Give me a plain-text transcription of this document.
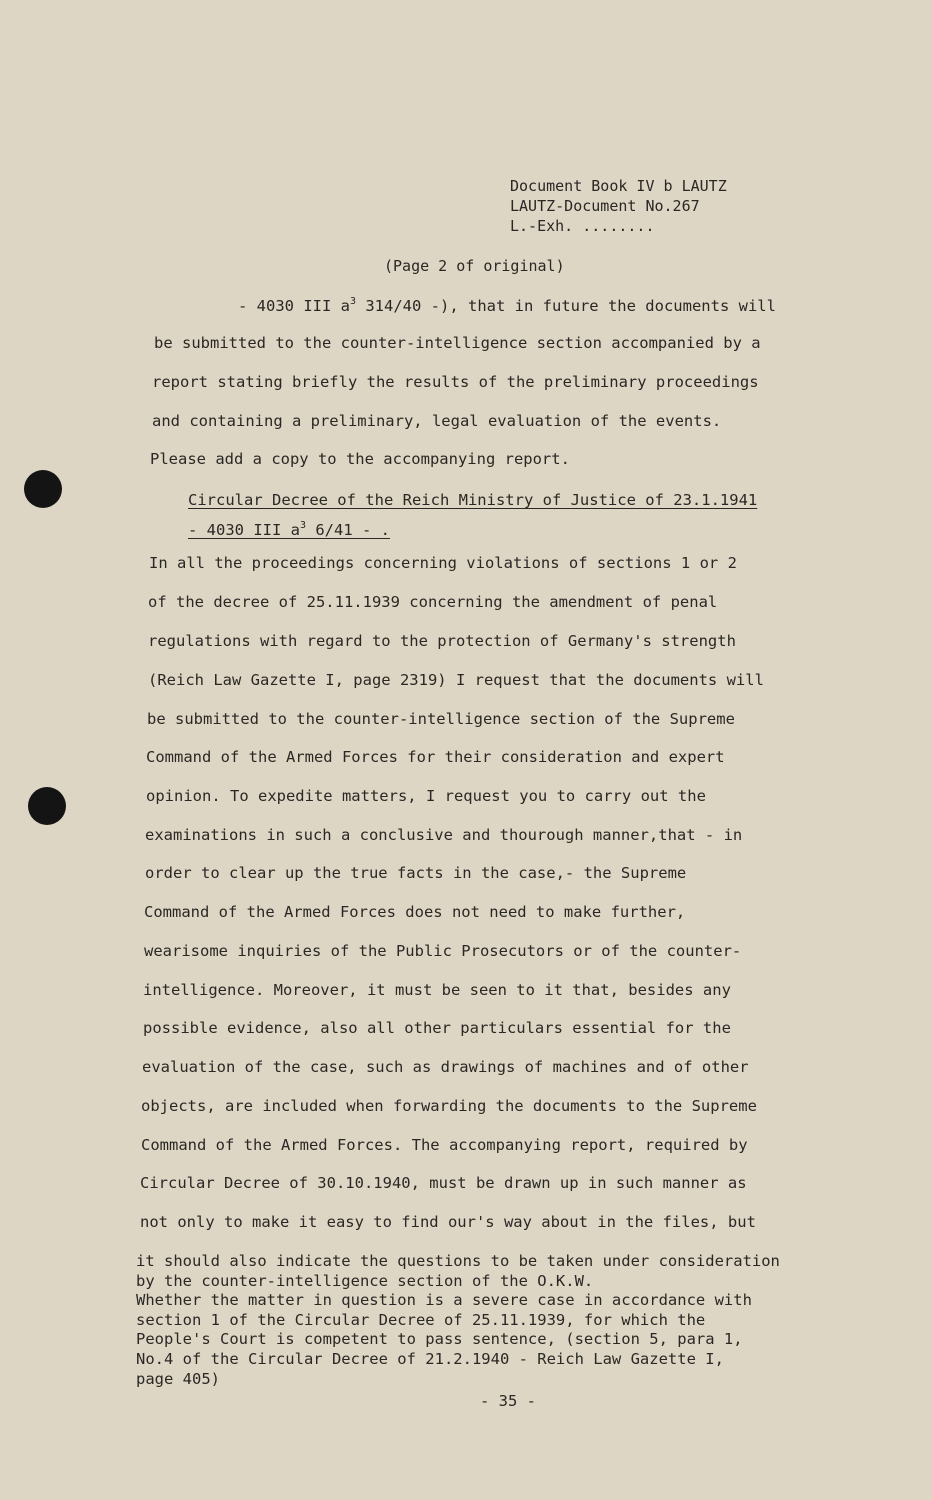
Document Book IV b LAUTZ
LAUTZ-Document No.267
L.-Exh. ........
(Page 2 of original)
- 4030 III $a^3$ 314/40 -), that in future the documents will
be submitted to the counter-intelligence section accompanied by a
report stating briefly the results of the preliminary proceedings
and containing a preliminary, legal evaluation of the events.
Please add a copy to the accompanying report.
Circular Decree of the Reich Ministry of Justice of 23.1.1941
- 4030 III $a^3$ 6/41 - .
In all the proceedings concerning violations of sections 1 or 2
of the decree of 25.11.1939 concerning the amendment of penal
regulations with regard to the protection of Germany's strength
(Reich Law Gazette I, page 2319) I request that the documents will
be submitted to the counter-intelligence section of the Supreme
Command of the Armed Forces for their consideration and expert
opinion. To expedite matters, I request you to carry out the
examinations in such a conclusive and thourough manner,that - in
order to clear up the true facts in the case,- the Supreme
Command of the Armed Forces does not need to make further,
wearisome inquiries of the Public Prosecutors or of the counter-
intelligence. Moreover, it must be seen to it that, besides any
possible evidence, also all other particulars essential for the
evaluation of the case, such as drawings of machines and of other
objects, are included when forwarding the documents to the Supreme
Command of the Armed Forces. The accompanying report, required by
Circular Decree of 30.10.1940, must be drawn up in such manner as
not only to make it easy to find our's way about in the files, but
it should also indicate the questions to be taken under consideration
by the counter-intelligence section of the O.K.W.
Whether the matter in question is a severe case in accordance with
section 1 of the Circular Decree of 25.11.1939, for which the
People's Court is competent to pass sentence, (section 5, para 1,
No.4 of the Circular Decree of 21.2.1940 - Reich Law Gazette I,
page 405)
- 35 -
